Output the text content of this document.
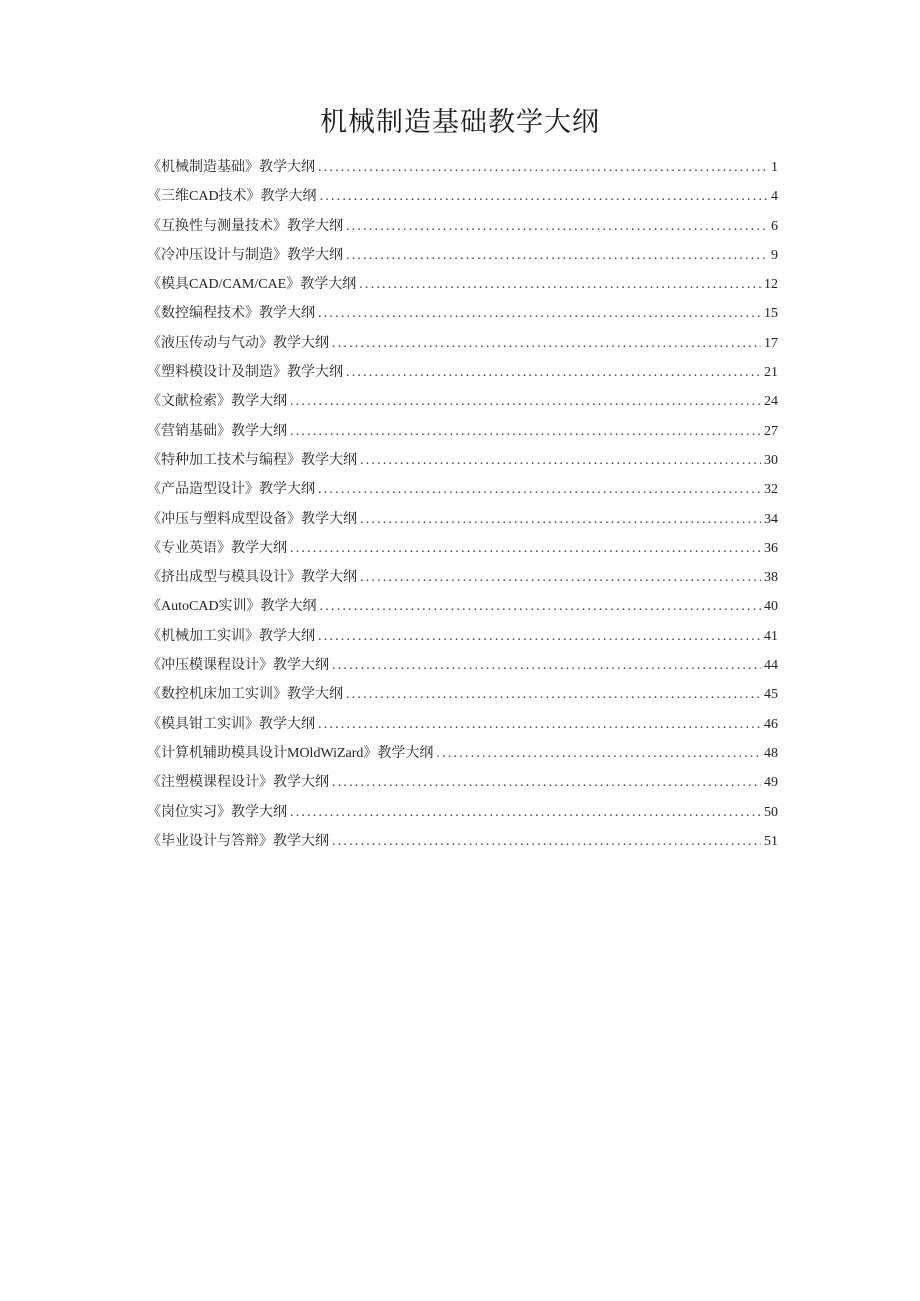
机械制造基础教学大纲
《机械制造基础》教学大纲 .....	1
《三维CAD技术》教学大纲 .....	4
《互换性与测量技术》教学大纲 .....	6
《冷冲压设计与制造》教学大纲 .....	9
《模具CAD/CAM/CAE》教学大纲 .....	12
《数控编程技术》教学大纲 .....	15
《液压传动与气动》教学大纲 .....	17
《塑料模设计及制造》教学大纲 .....	21
《文献检索》教学大纲 .....	24
《营销基础》教学大纲 .....	27
《特种加工技术与编程》教学大纲 .....	30
《产品造型设计》教学大纲 .....	32
《冲压与塑料成型设备》教学大纲 .....	34
《专业英语》教学大纲 .....	36
《挤出成型与模具设计》教学大纲 .....	38
《AutoCAD实训》教学大纲 .....	40
《机械加工实训》教学大纲 .....	41
《冲压模课程设计》教学大纲 .....	44
《数控机床加工实训》教学大纲 .....	45
《模具钳工实训》教学大纲 .....	46
《计算机辅助模具设计MOldWiZard》教学大纲 .....	48
《注塑模课程设计》教学大纲 .....	49
《岗位实习》教学大纲 .....	50
《毕业设计与答辩》教学大纲 .....	51
